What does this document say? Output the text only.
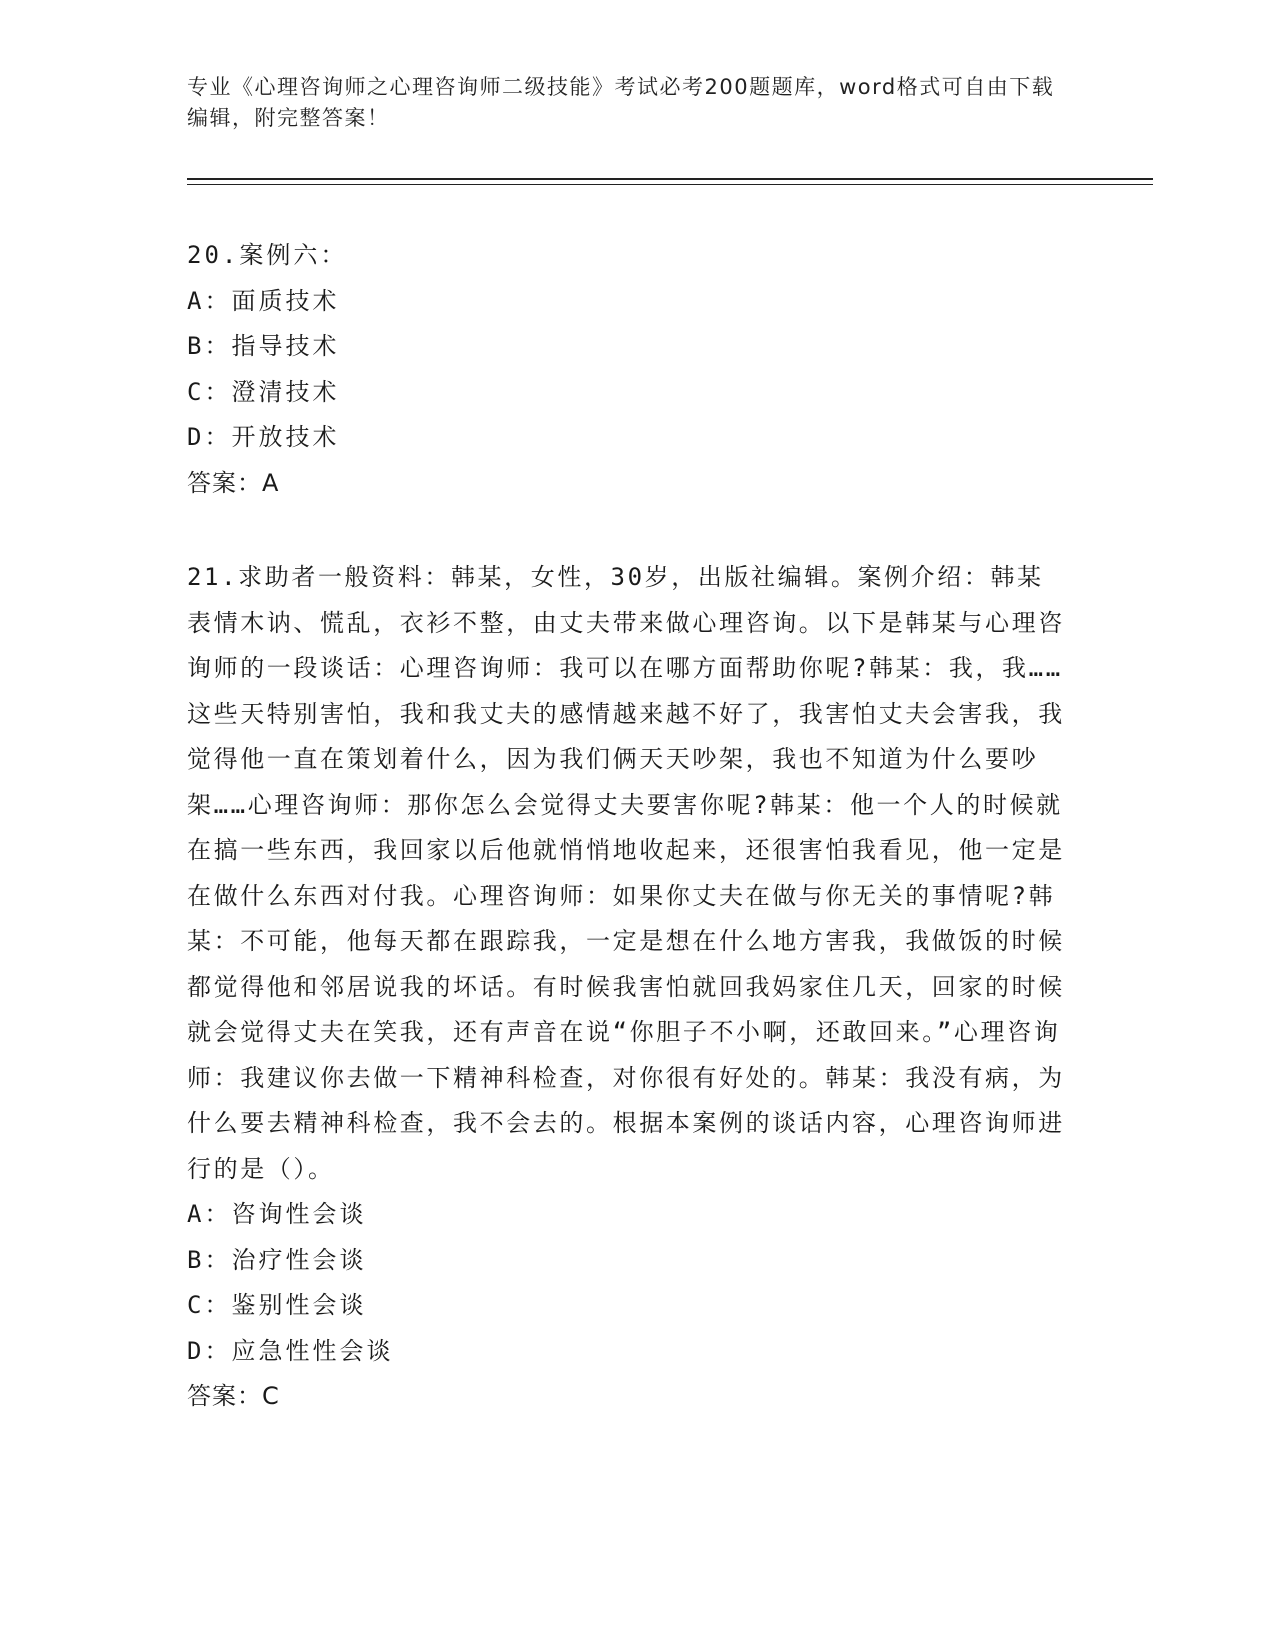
专业《心理咨询师之心理咨询师二级技能》考试必考200题题库，word格式可自由下载编辑，附完整答案！
20.案例六：
A：面质技术
B：指导技术
C：澄清技术
D：开放技术
答案：A
21.求助者一般资料：韩某，女性，30岁，出版社编辑。案例介绍：韩某表情木讷、慌乱，衣衫不整，由丈夫带来做心理咨询。以下是韩某与心理咨询师的一段谈话：心理咨询师：我可以在哪方面帮助你呢?韩某：我，我……这些天特别害怕，我和我丈夫的感情越来越不好了，我害怕丈夫会害我，我觉得他一直在策划着什么，因为我们俩天天吵架，我也不知道为什么要吵架……心理咨询师：那你怎么会觉得丈夫要害你呢?韩某：他一个人的时候就在搞一些东西，我回家以后他就悄悄地收起来，还很害怕我看见，他一定是在做什么东西对付我。心理咨询师：如果你丈夫在做与你无关的事情呢?韩某：不可能，他每天都在跟踪我，一定是想在什么地方害我，我做饭的时候都觉得他和邻居说我的坏话。有时候我害怕就回我妈家住几天，回家的时候就会觉得丈夫在笑我，还有声音在说“你胆子不小啊，还敢回来。”心理咨询师：我建议你去做一下精神科检查，对你很有好处的。韩某：我没有病，为什么要去精神科检查，我不会去的。根据本案例的谈话内容，心理咨询师进行的是（）。
A：咨询性会谈
B：治疗性会谈
C：鉴别性会谈
D：应急性性会谈
答案：C
